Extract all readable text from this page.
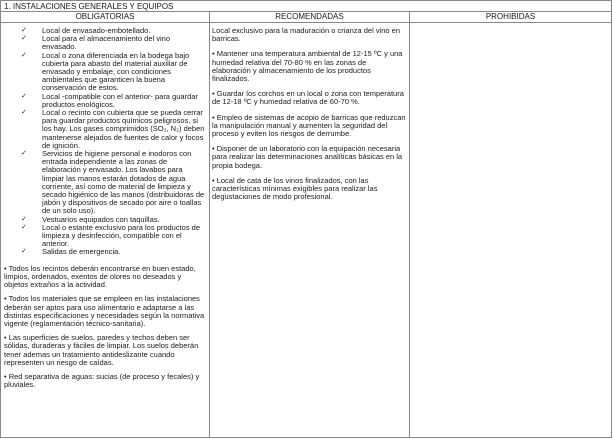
1. INSTALACIONES GENERALES Y EQUIPOS
OBLIGATORIAS	RECOMENDADAS	PROHIBIDAS
✓ Local de envasado-embotellado.
✓ Local para el almacenamiento del vino envasado.
✓ Local o zona diferenciada en la bodega bajo cubierta para abasto del material auxiliar de envasado y embalaje, con condiciones ambientales que garanticen la buena conservación de estos.
✓ Local -compatible con el anterior- para guardar productos enológicos.
✓ Local o recinto con cubierta que se pueda cerrar para guardar productos químicos peligrosos, si los hay. Los gases comprimidos (SO₂, N₂) deben mantenerse alejados de fuentes de calor y focos de ignición.
✓ Servicios de higiene personal e inodoros con entrada independiente a las zonas de elaboración y envasado. Los lavabos para limpiar las manos estarán dotados de agua corriente, así como de material de limpieza y secado higiénico de las manos (distribuidoras de jabón y dispositivos de secado por aire o toallas de un solo uso).
✓ Vestuarios equipados con taquillas.
✓ Local o estante exclusivo para los productos de limpieza y desinfección, compatible con el anterior.
✓ Salidas de emergencia.
• Todos los recintos deberán encontrarse en buen estado, limpios, ordenados, exentos de olores no deseados y objetos extraños a la actividad.
• Todos los materiales que se empleen en las instalaciones deberán ser aptos para uso alimentario e adaptarse a las distintas especificaciones y necesidades según la normativa vigente (reglamentación técnico-sanitaria).
• Las superficies de suelos, paredes y techos deben ser sólidas, duraderas y fáciles de limpiar. Los suelos deberán tener ademas un tratamiento antideslizante cuando representen un riesgo de caídas.
• Red separativa de aguas: sucias (de proceso y fecales) y pluviales.
Local exclusivo para la maduración o crianza del vino en barricas.
• Mantener una temperatura ambiental de 12-15 ºC y una humedad relativa del 70-80 % en las zonas de elaboración y almacenamiento de los productos finalizados.
• Guardar los corchos en un local o zona con temperatura de 12-18 ºC y humedad relativa de 60-70 %.
• Empleo de sistemas de acopio de barricas que reduzcan la manipulación manual y aumenten la seguridad del proceso y eviten los riesgos de derrumbe.
• Disponer de un laboratorio con la equipación necesaria para realizar las determinaciones analíticas básicas en la propia bodega.
• Local de cata de los vinos finalizados, con las características mínimas exigibles para realizar las degustaciones de modo profesional.
